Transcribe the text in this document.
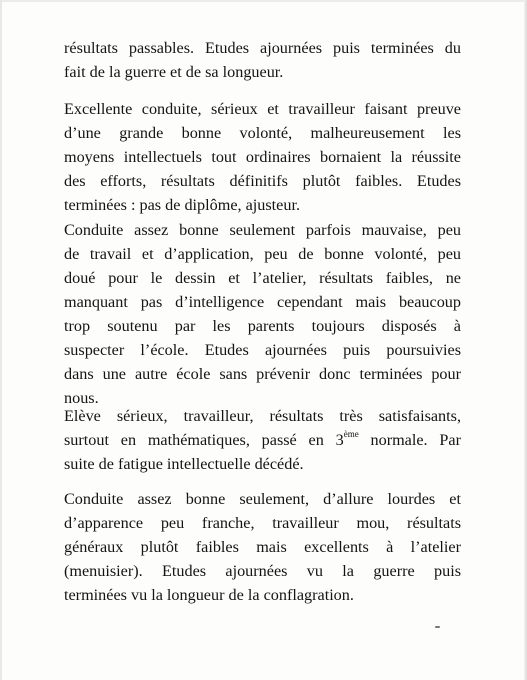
résultats passables. Etudes ajournées puis terminées du
fait de la guerre et de sa longueur.

Excellente conduite, sérieux et travailleur faisant preuve
d’une grande bonne volonté, malheureusement les
moyens intellectuels tout ordinaires bornaient la réussite
des efforts, résultats définitifs plutôt faibles. Etudes
terminées : pas de diplôme, ajusteur.

Conduite assez bonne seulement parfois mauvaise, peu
de travail et d’application, peu de bonne volonté, peu
doué pour le dessin et l’atelier, résultats faibles, ne
manquant pas d’intelligence cependant mais beaucoup
trop soutenu par les parents toujours disposés à
suspecter l’école. Etudes ajournées puis poursuivies
dans une autre école sans prévenir donc terminées pour
nous.

Elève sérieux, travailleur, résultats très satisfaisants,
surtout en mathématiques, passé en 3ème normale. Par
suite de fatigue intellectuelle décédé.

Conduite assez bonne seulement, d’allure lourdes et
d’apparence peu franche, travailleur mou, résultats
généraux plutôt faibles mais excellents à l’atelier
(menuisier). Etudes ajournées vu la guerre puis
terminées vu la longueur de la conflagration.
